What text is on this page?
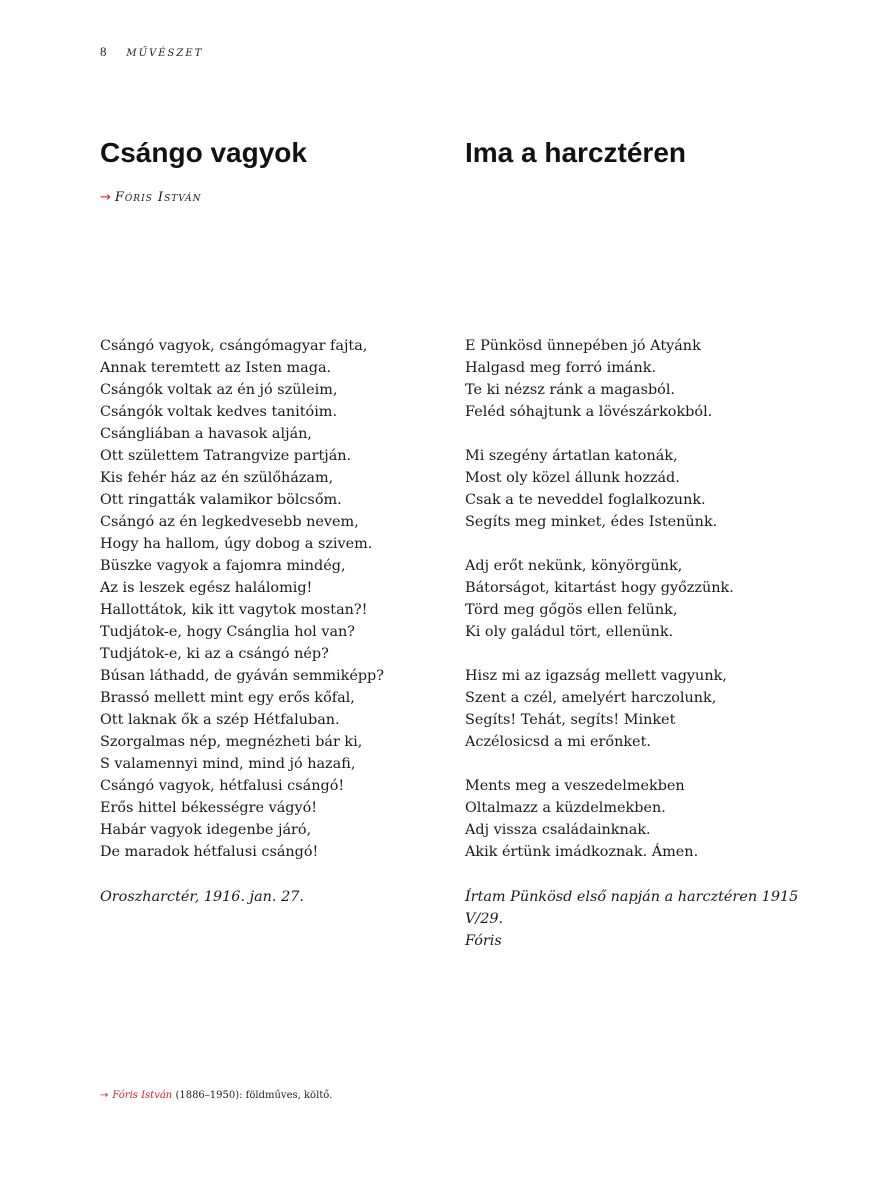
8 MŰVÉSZET
Csángo vagyok	Ima a harcztéren
→ Fóris István
Csángó vagyok, csángómagyar fajta,
Annak teremtett az Isten maga.
Csángók voltak az én jó szüleim,
Csángók voltak kedves tanitóim.
Csángliában a havasok alján,
Ott születtem Tatrangvize partján.
Kis fehér ház az én szülőházam,
Ott ringatták valamikor bölcsőm.
Csángó az én legkedvesebb nevem,
Hogy ha hallom, úgy dobog a szivem.
Büszke vagyok a fajomra mindég,
Az is leszek egész halálomig!
Hallottátok, kik itt vagytok mostan?!
Tudjátok-e, hogy Csánglia hol van?
Tudjátok-e, ki az a csángó nép?
Búsan láthadd, de gyáván semmiképp?
Brassó mellett mint egy erős kőfal,
Ott laknak ők a szép Hétfaluban.
Szorgalmas nép, megnézheti bár ki,
S valamennyi mind, mind jó hazafi,
Csángó vagyok, hétfalusi csángó!
Erős hittel békességre vágyó!
Habár vagyok idegenbe járó,
De maradok hétfalusi csángó!
E Pünkösd ünnepében jó Atyánk
Halgasd meg forró imánk.
Te ki nézsz ránk a magasból.
Feléd sóhajtunk a lövészárkokból.
Mi szegény ártatlan katonák,
Most oly közel állunk hozzád.
Csak a te neveddel foglalkozunk.
Segíts meg minket, édes Istenünk.
Adj erőt nekünk, könyörgünk,
Bátorságot, kitartást hogy győzzünk.
Törd meg gőgös ellen felünk,
Ki oly galádul tört, ellenünk.
Hisz mi az igazság mellett vagyunk,
Szent a czél, amelyért harczolunk,
Segíts! Tehát, segíts! Minket
Aczélosicsd a mi erőnket.
Ments meg a veszedelmekben
Oltalmazz a küzdelmekben.
Adj vissza családainknak.
Akik értünk imádkoznak. Ámen.
Oroszharctér, 1916. jan. 27.	Írtam Pünkösd első napján a harcztéren 1915 V/29.
Fóris
→ Fóris István (1886–1950): földműves, költő.
